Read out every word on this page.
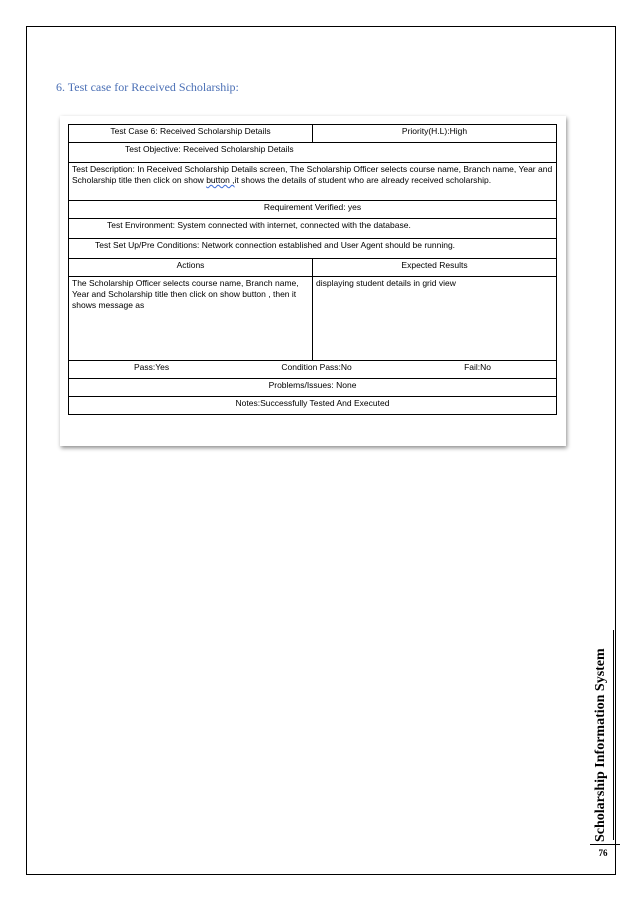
6. Test case for Received Scholarship:
Test Case 6: Received Scholarship Details	Priority(H.L):High
Test Objective: Received Scholarship Details	
Test Description: In Received Scholarship Details screen, The Scholarship Officer selects course name, Branch name, Year and Scholarship title then click on show button ,it shows the details of student who are already received scholarship.	
Requirement Verified: yes	
Test Environment: System connected with internet, connected with the database.	
Test Set Up/Pre Conditions: Network connection established and User Agent should be running.	
Actions	Expected Results
The Scholarship Officer selects course name, Branch name, Year and Scholarship title then click on show button , then it shows message as	displaying student details in grid view

Pass:Yes Condition Pass:No Fail:No	

Problems/Issues: None	
Notes:Successfully Tested And Executed	
Scholarship Information System
76
